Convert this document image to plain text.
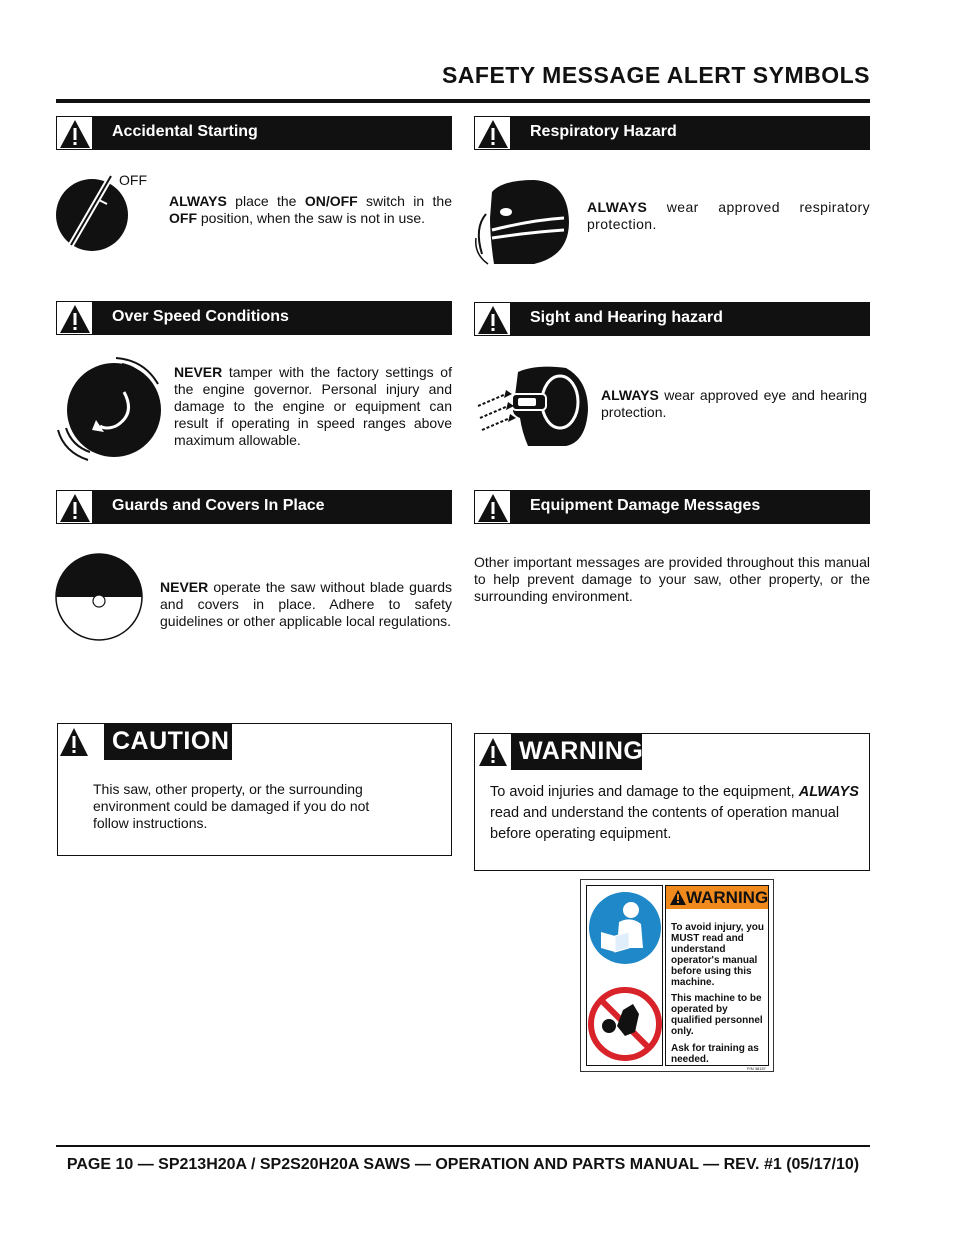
SAFETY MESSAGE ALERT SYMBOLS
Accidental Starting
OFF
ALWAYS place the ON/OFF switch in the OFF position, when the saw is not in use.
Respiratory Hazard
ALWAYS wear approved respiratory protection.
Over Speed Conditions
NEVER tamper with the factory settings of the engine governor. Personal injury and damage to the engine or equipment can result if operating in speed ranges above maximum allowable.
Sight and Hearing hazard
ALWAYS wear approved eye and hearing protection.
Guards and Covers In Place
NEVER operate the saw without blade guards and covers in place. Adhere to safety guidelines or other applicable local regulations.
Equipment Damage Messages
Other important messages are provided throughout this manual to help prevent damage to your saw, other property, or the surrounding environment.
CAUTION
This saw, other property, or the surrounding environment could be damaged if you do not follow instructions.
WARNING
To avoid injuries and damage to the equipment, ALWAYS read and understand the contents of operation manual before operating equipment.
WARNING
To avoid injury, you MUST read and understand operator's manual before using this machine.
This machine to be operated by qualified personnel only.
Ask for training as needed.
P/N 38157
PAGE 10 — SP213H20A / SP2S20H20A SAWS — OPERATION AND PARTS MANUAL — REV. #1 (05/17/10)
